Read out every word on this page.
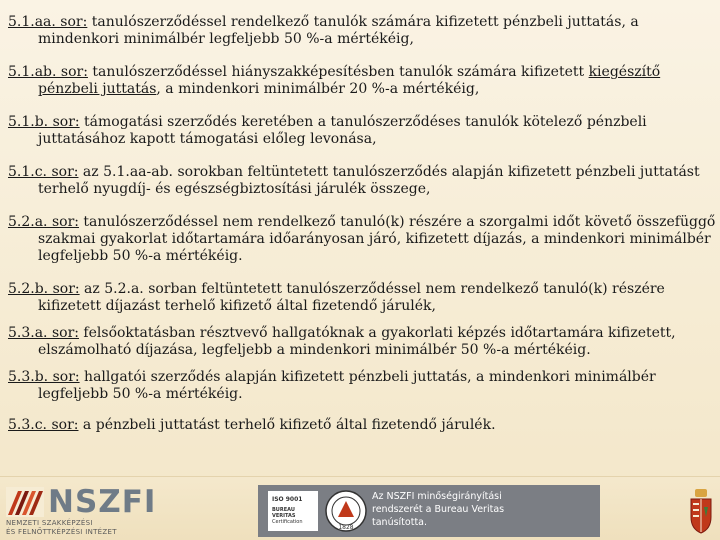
5.1.aa. sor: tanulószerződéssel rendelkező tanulók számára kifizetett pénzbeli juttatás, a mindenkori minimálbér legfeljebb 50 %-a mértékéig,

5.1.ab. sor: tanulószerződéssel hiányszakképesítésben tanulók számára kifizetett kiegészítő pénzbeli juttatás, a mindenkori minimálbér 20 %-a mértékéig,

5.1.b. sor: támogatási szerződés keretében a tanulószerződéses tanulók kötelező pénzbeli juttatásához kapott támogatási előleg levonása,

5.1.c. sor: az 5.1.aa-ab. sorokban feltüntetett tanulószerződés alapján kifizetett pénzbeli juttatást terhelő nyugdíj- és egészségbiztosítási járulék összege,

5.2.a. sor: tanulószerződéssel nem rendelkező tanuló(k) részére a szorgalmi időt követő összefüggő szakmai gyakorlat időtartamára időarányosan járó, kifizetett díjazás, a mindenkori minimálbér legfeljebb 50 %-a mértékéig.

5.2.b. sor: az 5.2.a. sorban feltüntetett tanulószerződéssel nem rendelkező tanuló(k) részére kifizetett díjazást terhelő kifizető által fizetendő járulék,

5.3.a. sor: felsőoktatásban résztvevő hallgatóknak a gyakorlati képzés időtartamára kifizetett, elszámolható díjazása, legfeljebb a mindenkori minimálbér 50 %-a mértékéig.

5.3.b. sor: hallgatói szerződés alapján kifizetett pénzbeli juttatás, a mindenkori minimálbér legfeljebb 50 %-a mértékéig.

5.3.c. sor: a pénzbeli juttatást terhelő kifizető által fizetendő járulék.

NSZFI
NEMZETI SZAKKÉPZÉSI
ÉS FELNŐTTKÉPZÉSI INTÉZET
ISO 9001
BUREAU VERITAS
Certification
1828
Az NSZFI minőségirányítási
rendszerét a Bureau Veritas
tanúsította.
